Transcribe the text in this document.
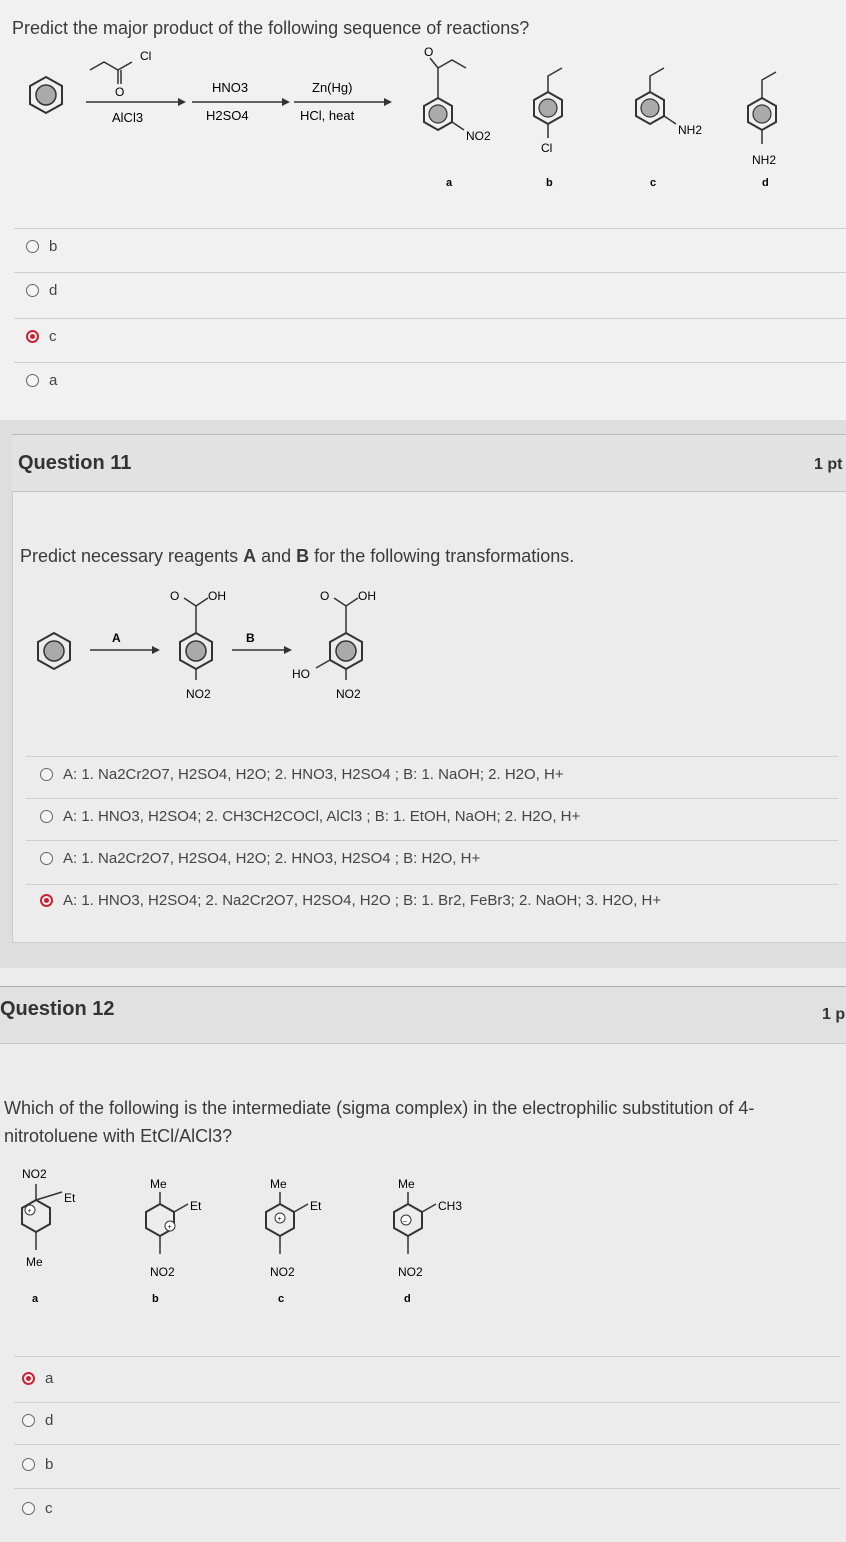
Predict the major product of the following sequence of reactions?
Cl
O
AlCl3
HNO3
H2SO4
Zn(Hg)
HCl, heat
O
NO2
a
Cl
b
NH2
c
NH2
d
b
d
c
a
Question 11	1 pt
Predict necessary reagents A and B for the following transformations.
A
O OH
NO2
B
O OH
HO
NO2
A: 1. Na2Cr2O7, H2SO4, H2O; 2. HNO3, H2SO4 ; B: 1. NaOH; 2. H2O, H+
A: 1. HNO3, H2SO4; 2. CH3CH2COCl, AlCl3 ; B: 1. EtOH, NaOH; 2. H2O, H+
A: 1. Na2Cr2O7, H2SO4, H2O; 2. HNO3, H2SO4 ; B: H2O, H+
A: 1. HNO3, H2SO4; 2. Na2Cr2O7, H2SO4, H2O ; B: 1. Br2, FeBr3; 2. NaOH; 3. H2O, H+
Question 12	1 p
Which of the following is the intermediate (sigma complex) in the electrophilic substitution of 4-
nitrotoluene with EtCl/AlCl3?
NO2
Et
+
Me
a
Me
+
Et
NO2
b
Me
+
Et
NO2
c
Me
–
CH3
NO2
d
a
d
b
c
